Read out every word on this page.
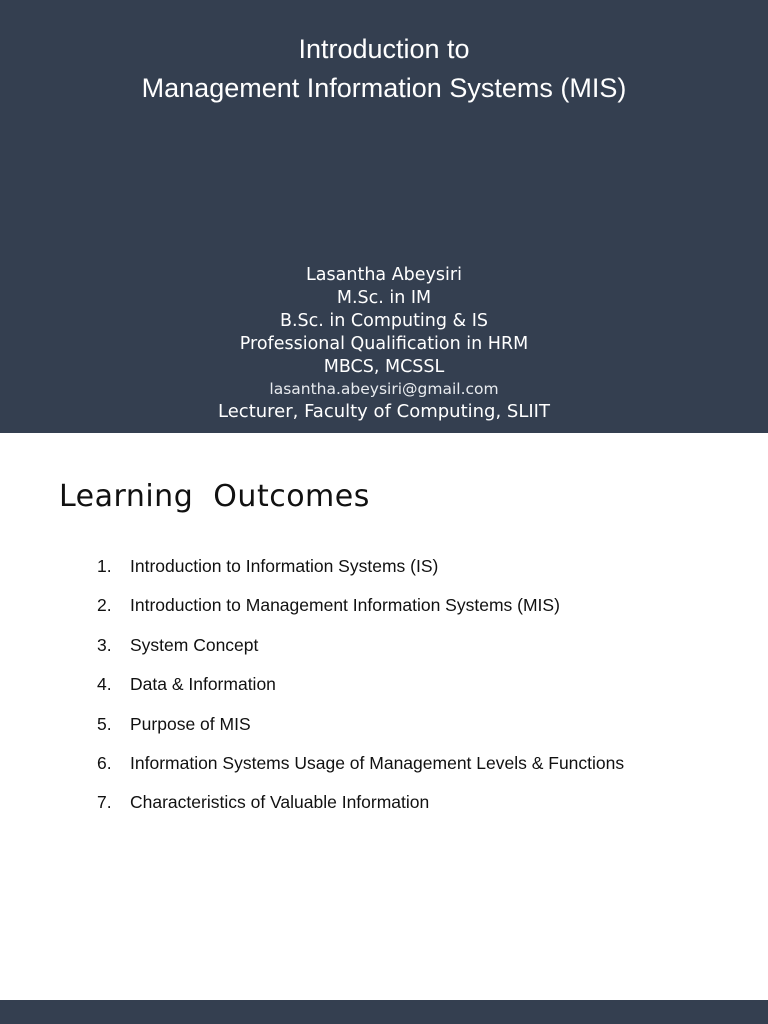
Introduction to
Management Information Systems (MIS)
Lasantha Abeysiri
M.Sc. in IM
B.Sc. in Computing & IS
Professional Qualification in HRM
MBCS, MCSSL
lasantha.abeysiri@gmail.com
Lecturer, Faculty of Computing, SLIIT
Learning  Outcomes
1. Introduction to Information Systems (IS)
2. Introduction to Management Information Systems (MIS)
3. System Concept
4. Data & Information
5. Purpose of MIS
6. Information Systems Usage of Management Levels & Functions
7. Characteristics of Valuable Information
